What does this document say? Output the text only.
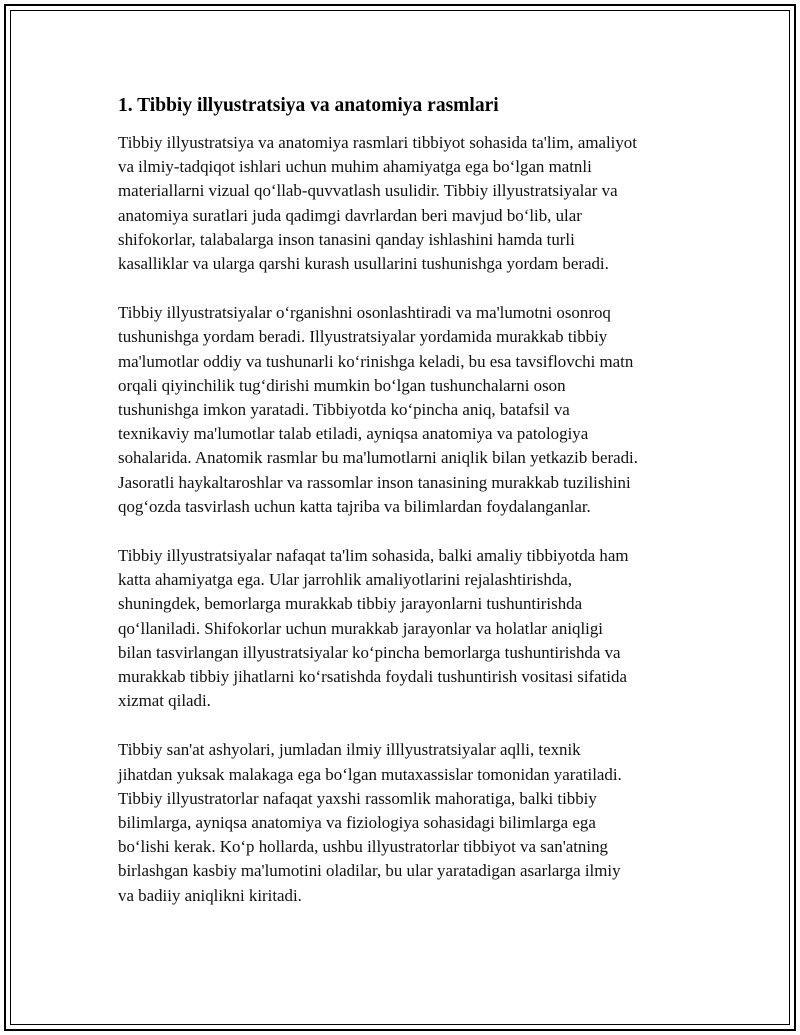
1. Tibbiy illyustratsiya va anatomiya rasmlari

Tibbiy illyustratsiya va anatomiya rasmlari tibbiyot sohasida ta'lim, amaliyot
va ilmiy-tadqiqot ishlari uchun muhim ahamiyatga ega bo‘lgan matnli
materiallarni vizual qo‘llab-quvvatlash usulidir. Tibbiy illyustratsiyalar va
anatomiya suratlari juda qadimgi davrlardan beri mavjud bo‘lib, ular
shifokorlar, talabalarga inson tanasini qanday ishlashini hamda turli
kasalliklar va ularga qarshi kurash usullarini tushunishga yordam beradi.

Tibbiy illyustratsiyalar o‘rganishni osonlashtiradi va ma'lumotni osonroq
tushunishga yordam beradi. Illyustratsiyalar yordamida murakkab tibbiy
ma'lumotlar oddiy va tushunarli ko‘rinishga keladi, bu esa tavsiflovchi matn
orqali qiyinchilik tug‘dirishi mumkin bo‘lgan tushunchalarni oson
tushunishga imkon yaratadi. Tibbiyotda ko‘pincha aniq, batafsil va
texnikaviy ma'lumotlar talab etiladi, ayniqsa anatomiya va patologiya
sohalarida. Anatomik rasmlar bu ma'lumotlarni aniqlik bilan yetkazib beradi.
Jasoratli haykaltaroshlar va rassomlar inson tanasining murakkab tuzilishini
qog‘ozda tasvirlash uchun katta tajriba va bilimlardan foydalanganlar.

Tibbiy illyustratsiyalar nafaqat ta'lim sohasida, balki amaliy tibbiyotda ham
katta ahamiyatga ega. Ular jarrohlik amaliyotlarini rejalashtirishda,
shuningdek, bemorlarga murakkab tibbiy jarayonlarni tushuntirishda
qo‘llaniladi. Shifokorlar uchun murakkab jarayonlar va holatlar aniqligi
bilan tasvirlangan illyustratsiyalar ko‘pincha bemorlarga tushuntirishda va
murakkab tibbiy jihatlarni ko‘rsatishda foydali tushuntirish vositasi sifatida
xizmat qiladi.

Tibbiy san'at ashyolari, jumladan ilmiy illlyustratsiyalar aqlli, texnik
jihatdan yuksak malakaga ega bo‘lgan mutaxassislar tomonidan yaratiladi.
Tibbiy illyustratorlar nafaqat yaxshi rassomlik mahoratiga, balki tibbiy
bilimlarga, ayniqsa anatomiya va fiziologiya sohasidagi bilimlarga ega
bo‘lishi kerak. Ko‘p hollarda, ushbu illyustratorlar tibbiyot va san'atning
birlashgan kasbiy ma'lumotini oladilar, bu ular yaratadigan asarlarga ilmiy
va badiiy aniqlikni kiritadi.
